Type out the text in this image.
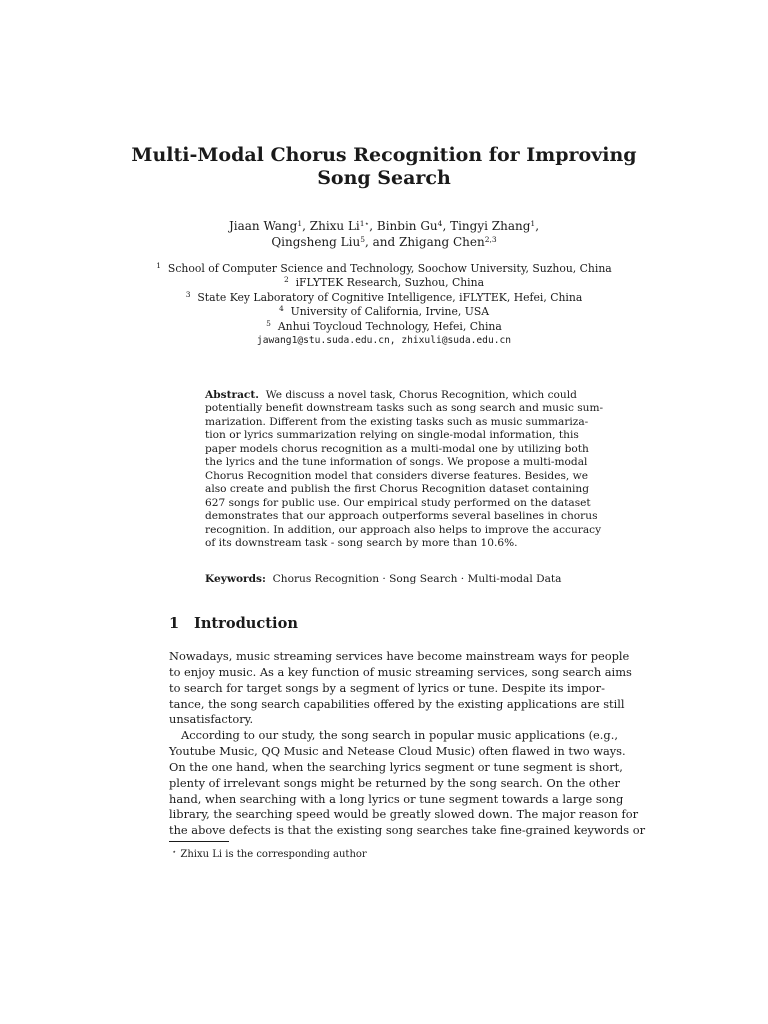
Multi-Modal Chorus Recognition for Improving
Song Search
Jiaan Wang$^1$, Zhixu $Li^{1⋆}$, Binbin Gu$^4$, Tingyi Zhang$^1$,
Qingsheng Liu$^5$, and Zhigang Chen$^{2,3}$
$^1$ School of Computer Science and Technology, Soochow University, Suzhou, China
$^2$ iFLYTEK Research, Suzhou, China
$^3$ State Key Laboratory of Cognitive Intelligence, iFLYTEK, Hefei, China
$^4$ University of California, Irvine, USA
$^5$ Anhui Toycloud Technology, Hefei, China
jawang1@stu.suda.edu.cn, zhixuli@suda.edu.cn
Abstract. We discuss a novel task, Chorus Recognition, which could
potentially benefit downstream tasks such as song search and music sum-
marization. Different from the existing tasks such as music summariza-
tion or lyrics summarization relying on single-modal information, this
paper models chorus recognition as a multi-modal one by utilizing both
the lyrics and the tune information of songs. We propose a multi-modal
Chorus Recognition model that considers diverse features. Besides, we
also create and publish the first Chorus Recognition dataset containing
627 songs for public use. Our empirical study performed on the dataset
demonstrates that our approach outperforms several baselines in chorus
recognition. In addition, our approach also helps to improve the accuracy
of its downstream task - song search by more than 10.6%.
Keywords: Chorus Recognition · Song Search · Multi-modal Data
1 Introduction
Nowadays, music streaming services have become mainstream ways for people
to enjoy music. As a key function of music streaming services, song search aims
to search for target songs by a segment of lyrics or tune. Despite its impor-
tance, the song search capabilities offered by the existing applications are still
unsatisfactory.
According to our study, the song search in popular music applications (e.g.,
Youtube Music, QQ Music and Netease Cloud Music) often flawed in two ways.
On the one hand, when the searching lyrics segment or tune segment is short,
plenty of irrelevant songs might be returned by the song search. On the other
hand, when searching with a long lyrics or tune segment towards a large song
library, the searching speed would be greatly slowed down. The major reason for
the above defects is that the existing song searches take fine-grained keywords or
⋆ Zhixu Li is the corresponding author
